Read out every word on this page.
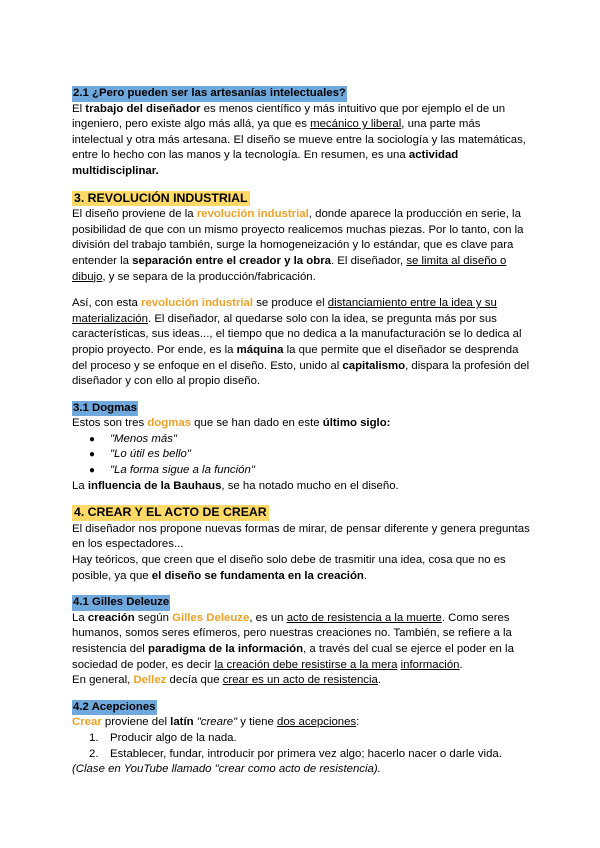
2.1 ¿Pero pueden ser las artesanías intelectuales?

El trabajo del diseñador es menos científico y más intuitivo que por ejemplo el de un ingeniero, pero existe algo más allá, ya que es mecánico y liberal, una parte más intelectual y otra más artesana. El diseño se mueve entre la sociología y las matemáticas, entre lo hecho con las manos y la tecnología. En resumen, es una actividad multidisciplinar.

3. REVOLUCIÓN INDUSTRIAL

El diseño proviene de la revolución industrial, donde aparece la producción en serie, la posibilidad de que con un mismo proyecto realicemos muchas piezas. Por lo tanto, con la división del trabajo también, surge la homogeneización y lo estándar, que es clave para entender la separación entre el creador y la obra. El diseñador, se limita al diseño o dibujo, y se separa de la producción/fabricación.

Así, con esta revolución industrial se produce el distanciamiento entre la idea y su materialización. El diseñador, al quedarse solo con la idea, se pregunta más por sus características, sus ideas..., el tiempo que no dedica a la manufacturación se lo dedica al propio proyecto. Por ende, es la máquina la que permite que el diseñador se desprenda del proceso y se enfoque en el diseño. Esto, unido al capitalismo, dispara la profesión del diseñador y con ello al propio diseño.

3.1 Dogmas

Estos son tres dogmas que se han dado en este último siglo:

● "Menos más"
● "Lo útil es bello"
● "La forma sigue a la función"

La influencia de la Bauhaus, se ha notado mucho en el diseño.

4. CREAR Y EL ACTO DE CREAR

El diseñador nos propone nuevas formas de mirar, de pensar diferente y genera preguntas en los espectadores...

Hay teóricos, que creen que el diseño solo debe de trasmitir una idea, cosa que no es posible, ya que el diseño se fundamenta en la creación.

4.1 Gilles Deleuze

La creación según Gilles Deleuze, es un acto de resistencia a la muerte. Como seres humanos, somos seres efímeros, pero nuestras creaciones no. También, se refiere a la resistencia del paradigma de la información, a través del cual se ejerce el poder en la sociedad de poder, es decir la creación debe resistirse a la mera información.

En general, Dellez decía que crear es un acto de resistencia.

4.2 Acepciones

Crear proviene del latín "creare" y tiene dos acepciones:

1. Producir algo de la nada.
2. Establecer, fundar, introducir por primera vez algo; hacerlo nacer o darle vida.

(Clase en YouTube llamado "crear como acto de resistencia).
